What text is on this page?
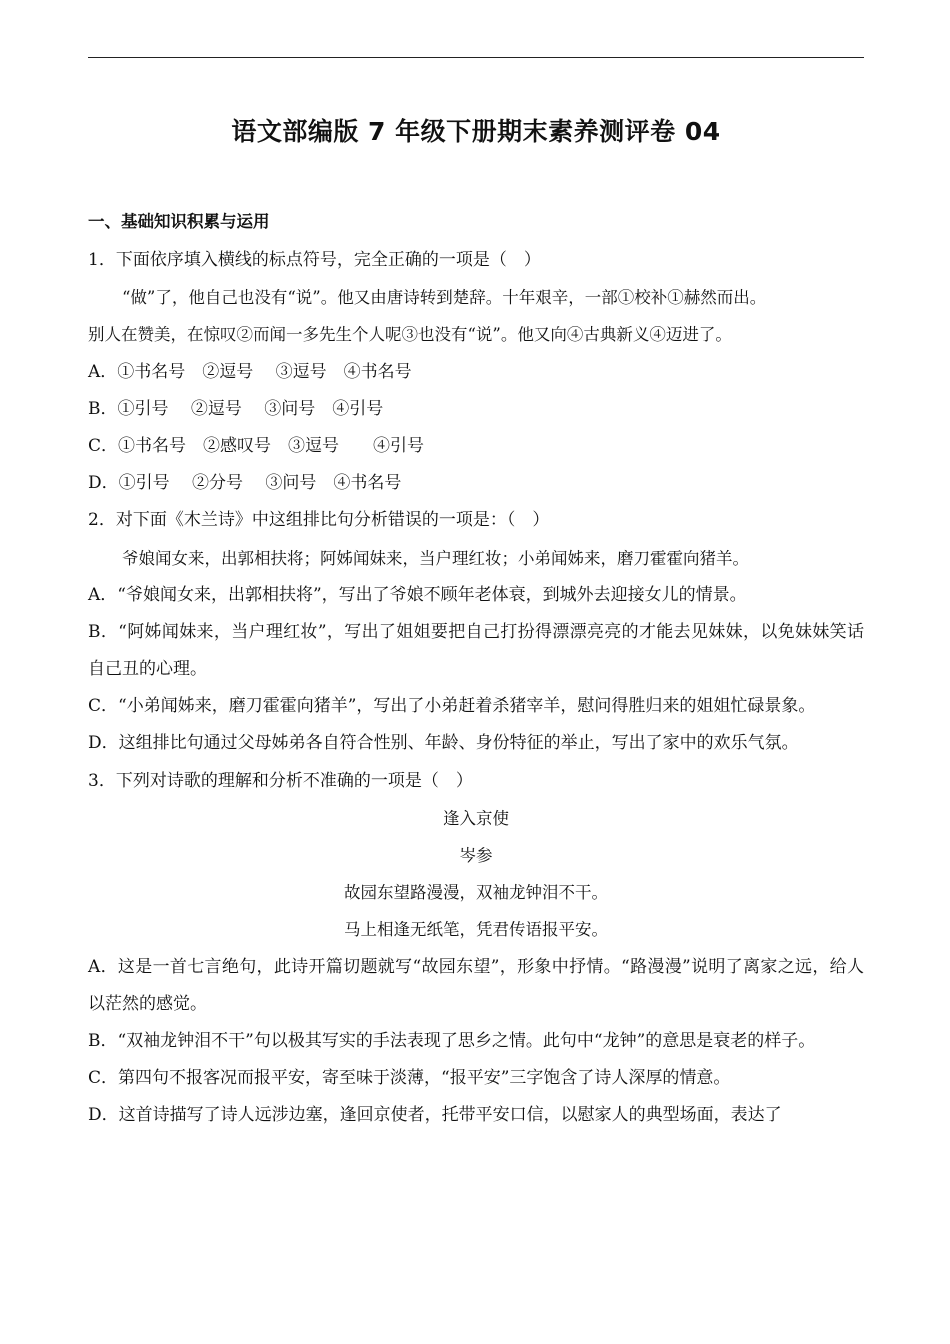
语文部编版 7 年级下册期末素养测评卷 04
一、基础知识积累与运用
1．下面依序填入横线的标点符号，完全正确的一项是（　）
“做”了，他自己也没有“说”。他又由唐诗转到楚辞。十年艰辛，一部①校补①赫然而出。
别人在赞美，在惊叹②而闻一多先生个人呢③也没有“说”。他又向④古典新义④迈进了。
A．①书名号　②逗号　 ③逗号　④书名号
B．①引号　 ②逗号　 ③问号　④引号
C．①书名号　②感叹号　③逗号　　④引号
D．①引号　 ②分号　 ③问号　④书名号
2．对下面《木兰诗》中这组排比句分析错误的一项是：（　）
爷娘闻女来，出郭相扶将；阿姊闻妹来，当户理红妆；小弟闻姊来，磨刀霍霍向猪羊。
A．“爷娘闻女来，出郭相扶将”，写出了爷娘不顾年老体衰，到城外去迎接女儿的情景。
B．“阿姊闻妹来，当户理红妆”，写出了姐姐要把自己打扮得漂漂亮亮的才能去见妹妹，以免妹妹笑话自己丑的心理。
C．“小弟闻姊来，磨刀霍霍向猪羊”，写出了小弟赶着杀猪宰羊，慰问得胜归来的姐姐忙碌景象。
D．这组排比句通过父母姊弟各自符合性别、年龄、身份特征的举止，写出了家中的欢乐气氛。
3．下列对诗歌的理解和分析不准确的一项是（　）
逢入京使
岑参
故园东望路漫漫，双袖龙钟泪不干。
马上相逢无纸笔，凭君传语报平安。
A．这是一首七言绝句，此诗开篇切题就写“故园东望”，形象中抒情。“路漫漫”说明了离家之远，给人以茫然的感觉。
B．“双袖龙钟泪不干”句以极其写实的手法表现了思乡之情。此句中“龙钟”的意思是衰老的样子。
C．第四句不报客况而报平安，寄至味于淡薄，“报平安”三字饱含了诗人深厚的情意。
D．这首诗描写了诗人远涉边塞，逢回京使者，托带平安口信，以慰家人的典型场面，表达了
